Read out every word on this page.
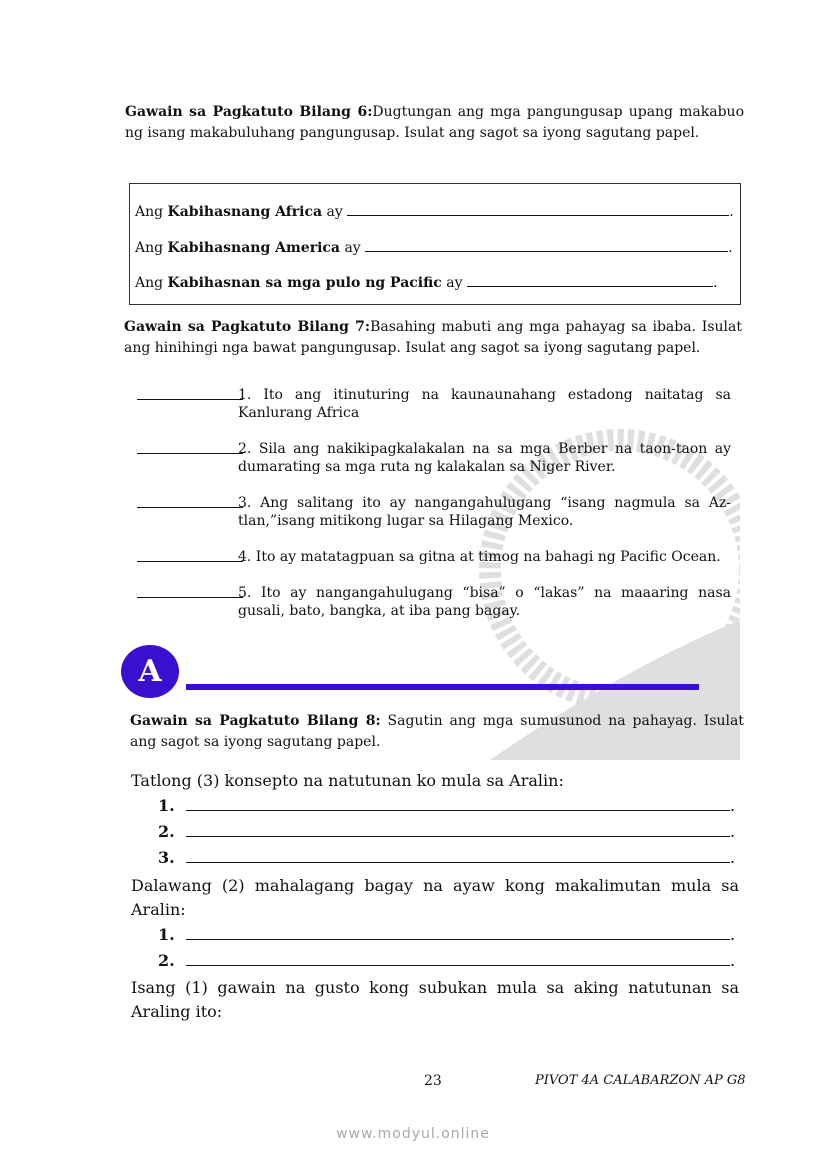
Gawain sa Pagkatuto Bilang 6:Dugtungan ang mga pangungusap upang makabuo ng isang makabuluhang pangungusap. Isulat ang sagot sa iyong sagutang papel.
Ang Kabihasnang Africa ay	.
Ang Kabihasnang America ay	.
Ang Kabihasnan sa mga pulo ng Pacific ay	.
Gawain sa Pagkatuto Bilang 7:Basahing mabuti ang mga pahayag sa ibaba. Isulat ang hinihingi nga bawat pangungusap. Isulat ang sagot sa iyong sagutang papel.
1. Ito ang itinuturing na kaunaunahang estadong naitatag sa Kanlurang Africa
2. Sila ang nakikipagkalakalan na sa mga Berber na taon-taon ay dumarating sa mga ruta ng kalakalan sa Niger River.
3. Ang salitang ito ay nangangahulugang “isang nagmula sa Az-tlan,”isang mitikong lugar sa Hilagang Mexico.
4. Ito ay matatagpuan sa gitna at timog na bahagi ng Pacific Ocean.
5. Ito ay nangangahulugang “bisa” o “lakas” na maaaring nasa gusali, bato, bangka, at iba pang bagay.
A
Gawain sa Pagkatuto Bilang 8: Sagutin ang mga sumusunod na pahayag. Isulat ang sagot sa iyong sagutang papel.
Tatlong (3) konsepto na natutunan ko mula sa Aralin:
1.	.
2.	.
3.	.
Dalawang (2) mahalagang bagay na ayaw kong makalimutan mula sa Aralin:
1.	.
2.	.
Isang (1) gawain na gusto kong subukan mula sa aking natutunan sa Araling ito:
23	PIVOT 4A CALABARZON AP G8
www.modyul.online
